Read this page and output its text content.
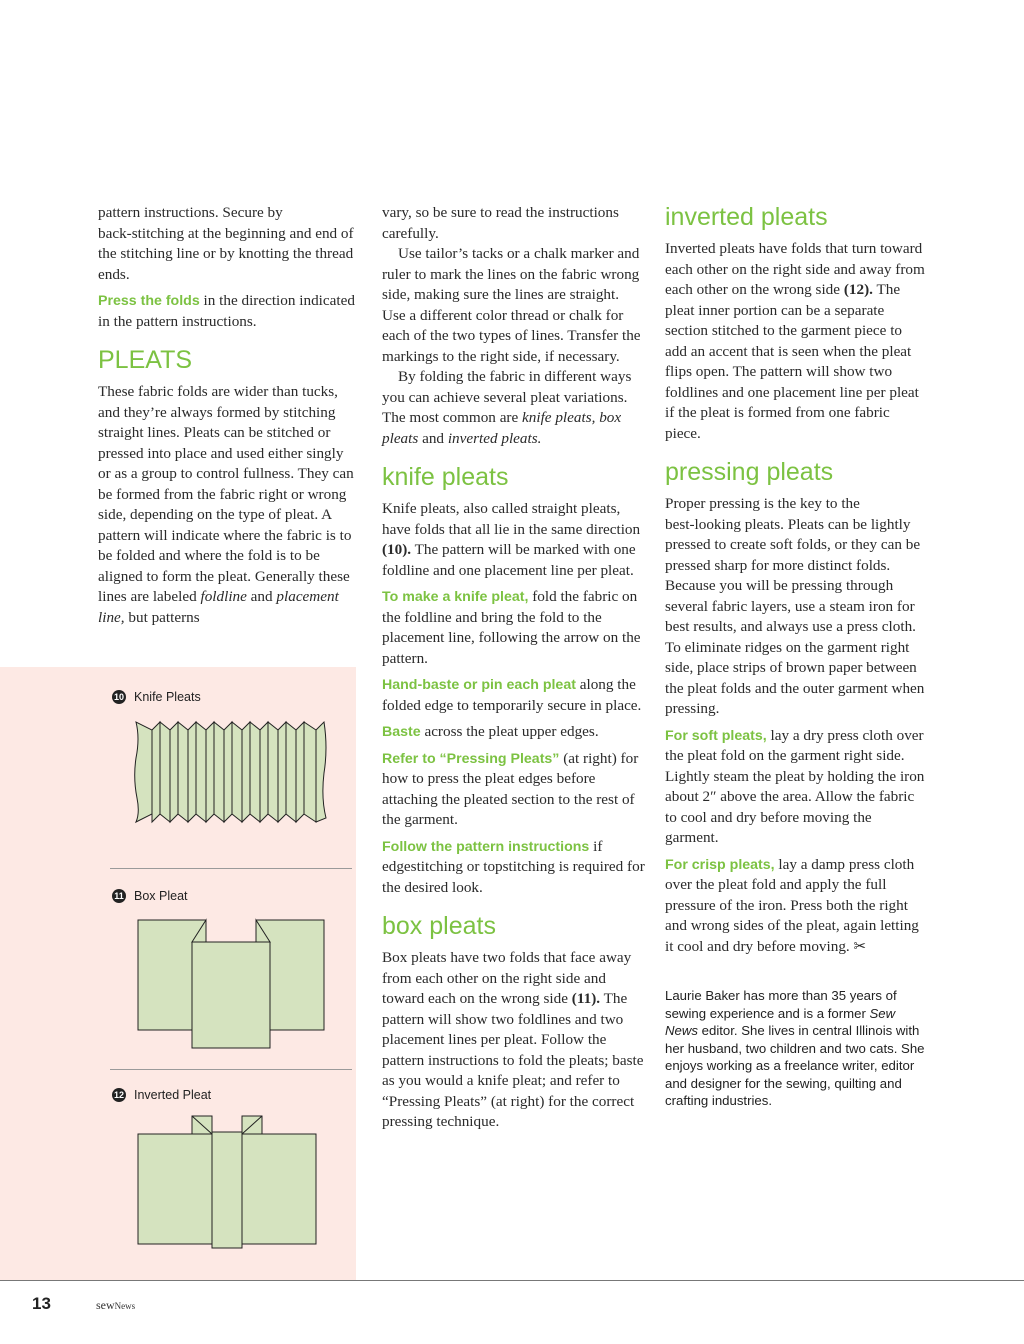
pattern instructions. Secure by back‑stitching at the beginning and end of the stitching line or by knotting the thread ends.

Press the folds in the direction indicated in the pattern instructions.

PLEATS

These fabric folds are wider than tucks, and they’re always formed by stitching straight lines. Pleats can be stitched or pressed into place and used either singly or as a group to control fullness. They can be formed from the fabric right or wrong side, depending on the type of pleat. A pattern will indicate where the fabric is to be folded and where the fold is to be aligned to form the pleat. Generally these lines are labeled foldline and placement line, but patterns

10 Knife Pleats
11 Box Pleat
12 Inverted Pleat

vary, so be sure to read the instructions carefully.

Use tailor’s tacks or a chalk marker and ruler to mark the lines on the fabric wrong side, making sure the lines are straight. Use a different color thread or chalk for each of the two types of lines. Transfer the markings to the right side, if necessary.

By folding the fabric in different ways you can achieve several pleat variations. The most common are knife pleats, box pleats and inverted pleats.

knife pleats

Knife pleats, also called straight pleats, have folds that all lie in the same direction (10). The pattern will be marked with one foldline and one placement line per pleat.

To make a knife pleat, fold the fabric on the foldline and bring the fold to the placement line, following the arrow on the pattern.

Hand‑baste or pin each pleat along the folded edge to temporarily secure in place.

Baste across the pleat upper edges.

Refer to “Pressing Pleats” (at right) for how to press the pleat edges before attaching the pleated section to the rest of the garment.

Follow the pattern instructions if edgestitching or topstitching is required for the desired look.

box pleats

Box pleats have two folds that face away from each other on the right side and toward each on the wrong side (11). The pattern will show two foldlines and two placement lines per pleat. Follow the pattern instructions to fold the pleats; baste as you would a knife pleat; and refer to “Pressing Pleats” (at right) for the correct pressing technique.

inverted pleats

Inverted pleats have folds that turn toward each other on the right side and away from each other on the wrong side (12). The pleat inner portion can be a separate section stitched to the garment piece to add an accent that is seen when the pleat flips open. The pattern will show two foldlines and one placement line per pleat if the pleat is formed from one fabric piece.

pressing pleats

Proper pressing is the key to the best‑looking pleats. Pleats can be lightly pressed to create soft folds, or they can be pressed sharp for more distinct folds. Because you will be pressing through several fabric layers, use a steam iron for best results, and always use a press cloth. To eliminate ridges on the garment right side, place strips of brown paper between the pleat folds and the outer garment when pressing.

For soft pleats, lay a dry press cloth over the pleat fold on the garment right side. Lightly steam the pleat by holding the iron about 2″ above the area. Allow the fabric to cool and dry before moving the garment.

For crisp pleats, lay a damp press cloth over the pleat fold and apply the full pressure of the iron. Press both the right and wrong sides of the pleat, again letting it cool and dry before moving. ✂

Laurie Baker has more than 35 years of sewing experience and is a former Sew News editor. She lives in central Illinois with her husband, two children and two cats. She enjoys working as a freelance writer, editor and designer for the sewing, quilting and crafting industries.

13	sewNews
